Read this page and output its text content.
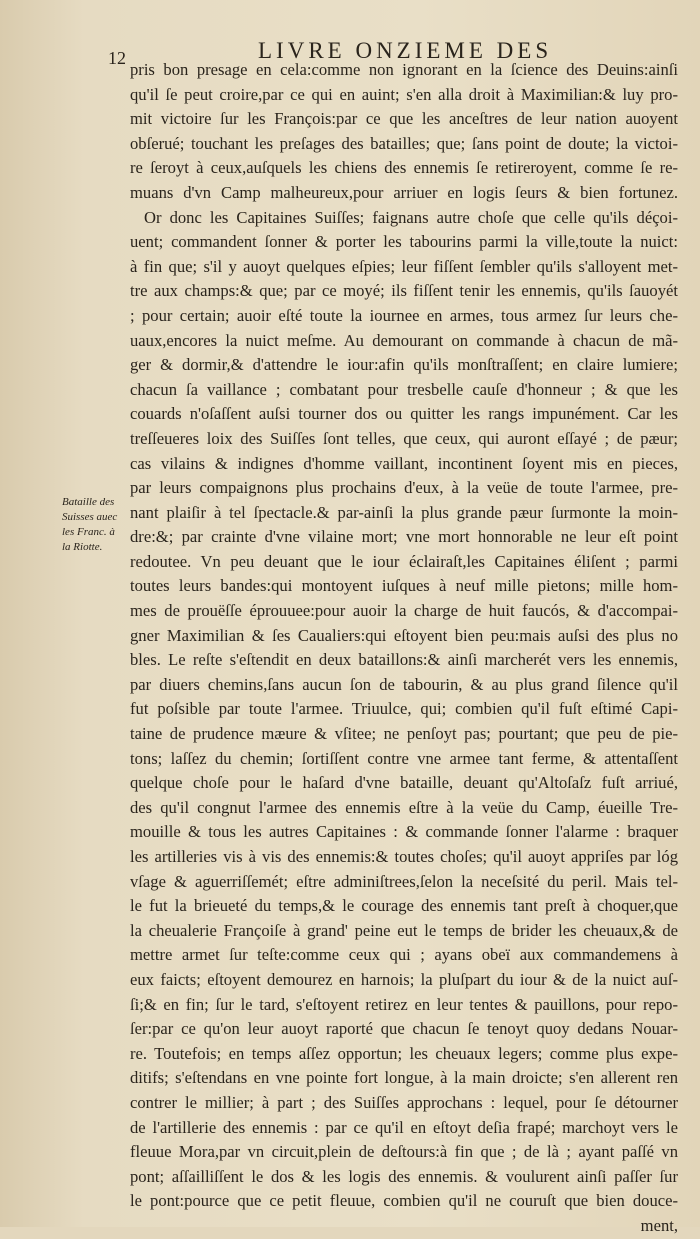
12	LIVRE ONZIEME DES
Bataille des
Suisses auec
les Franc. à
la Riotte.
pris bon presage en cela:comme non ignorant en la ſcience des Deuins:ainſi
qu'il ſe peut croire,par ce qui en auint; s'en alla droit à Maximilian:& luy pro-
mit victoire ſur les François:par ce que les anceſtres de leur nation auoyent
obſerué; touchant les preſages des batailles; que; ſans point de doute; la victoi-
re ſeroyt à ceux,auſquels les chiens des ennemis ſe retireroyent, comme ſe re-
muans d'vn Camp malheureux,pour arriuer en logis ſeurs & bien fortunez.
Or donc les Capitaines Suiſſes; faignans autre choſe que celle qu'ils déçoi-
uent; commandent ſonner & porter les tabourins parmi la ville,toute la nuict:
à fin que; s'il y auoyt quelques eſpies; leur fiſſent ſembler qu'ils s'alloyent met-
tre aux champs:& que; par ce moyé; ils fiſſent tenir les ennemis, qu'ils ſauoyét
; pour certain; auoir eſté toute la iournee en armes, tous armez ſur leurs che-
uaux,encores la nuict meſme. Au demourant on commande à chacun de mã-
ger & dormir,& d'attendre le iour:afin qu'ils monſtraſſent; en claire lumiere;
chacun ſa vaillance ; combatant pour tresbelle cauſe d'honneur ; & que les
couards n'oſaſſent auſsi tourner dos ou quitter les rangs impunément. Car les
treſſeueres loix des Suiſſes ſont telles, que ceux, qui auront eſſayé ; de pæur;
cas vilains & indignes d'homme vaillant, incontinent ſoyent mis en pieces,
par leurs compaignons plus prochains d'eux, à la veüe de toute l'armee, pre-
nant plaiſir à tel ſpectacle.& par-ainſi la plus grande pæur ſurmonte la moin-
dre:&; par crainte d'vne vilaine mort; vne mort honnorable ne leur eſt point
redoutee. Vn peu deuant que le iour éclairaſt,les Capitaines éliſent ; parmi
toutes leurs bandes:qui montoyent iuſques à neuf mille pietons; mille hom-
mes de prouëſſe éprouuee:pour auoir la charge de huit faucós, & d'accompai-
gner Maximilian & ſes Caualiers:qui eſtoyent bien peu:mais auſsi des plus no
bles. Le reſte s'eſtendit en deux bataillons:& ainſi marcherét vers les ennemis,
par diuers chemins,ſans aucun ſon de tabourin, & au plus grand ſilence qu'il
fut poſsible par toute l'armee. Triuulce, qui; combien qu'il fuſt eſtimé Capi-
taine de prudence mæure & vſitee; ne penſoyt pas; pourtant; que peu de pie-
tons; laſſez du chemin; ſortiſſent contre vne armee tant ferme, & attentaſſent
quelque choſe pour le haſard d'vne bataille, deuant qu'Altoſaſz fuſt arriué,
des qu'il congnut l'armee des ennemis eſtre à la veüe du Camp, éueille Tre-
mouille & tous les autres Capitaines : & commande ſonner l'alarme : braquer
les artilleries vis à vis des ennemis:& toutes choſes; qu'il auoyt appriſes par lóg
vſage & aguerriſſemét; eſtre adminiſtrees,ſelon la neceſsité du peril. Mais tel-
le fut la brieueté du temps,& le courage des ennemis tant preſt à choquer,que
la cheualerie Françoiſe à grand' peine eut le temps de brider les cheuaux,& de
mettre armet ſur teſte:comme ceux qui ; ayans obeï aux commandemens à
eux faicts; eſtoyent demourez en harnois; la pluſpart du iour & de la nuict auſ-
ſi;& en fin; ſur le tard, s'eſtoyent retirez en leur tentes & pauillons, pour repo-
ſer:par ce qu'on leur auoyt raporté que chacun ſe tenoyt quoy dedans Nouar-
re. Toutefois; en temps aſſez opportun; les cheuaux legers; comme plus expe-
ditifs; s'eſtendans en vne pointe fort longue, à la main droicte; s'en allerent ren
contrer le millier; à part ; des Suiſſes approchans : lequel, pour ſe détourner
de l'artillerie des ennemis : par ce qu'il en eſtoyt deſia frapé; marchoyt vers le
fleuue Mora,par vn circuit,plein de deſtours:à fin que ; de là ; ayant paſſé vn
pont; aſſailliſſent le dos & les logis des ennemis. & voulurent ainſi paſſer ſur
le pont:pource que ce petit fleuue, combien qu'il ne couruſt que bien douce-
ment,
